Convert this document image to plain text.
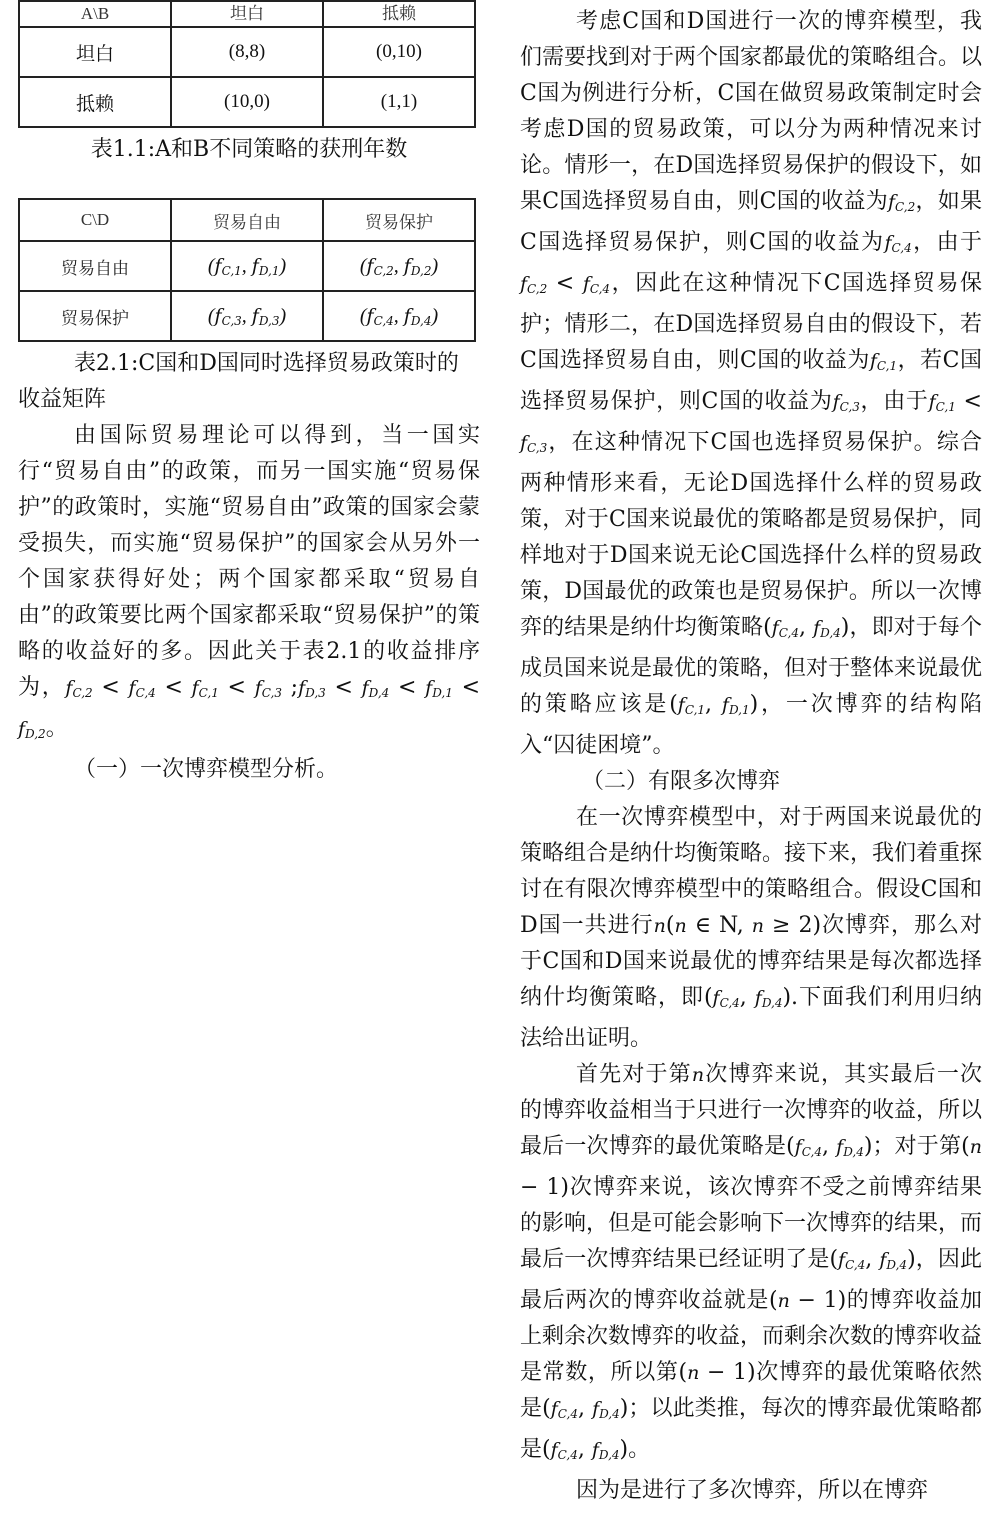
A\B	坦白	抵赖
坦白	(8,8)	(0,10)
抵赖	(10,0)	(1,1)
表1.1:A和B不同策略的获刑年数
C\D	贸易自由	贸易保护
贸易自由	($f_{C,1}$, $f_{D,1}$)	($f_{C,2}$, $f_{D,2}$)
贸易保护	($f_{C,3}$, $f_{D,3}$)	($f_{C,4}$, $f_{D,4}$)
表2.1:C国和D国同时选择贸易政策时的收益矩阵

由国际贸易理论可以得到，当一国实行“贸易自由”的政策，而另一国实施“贸易保护”的政策时，实施“贸易自由”政策的国家会蒙受损失，而实施“贸易保护”的国家会从另外一个国家获得好处；两个国家都采取“贸易自由”的政策要比两个国家都采取“贸易保护”的策略的收益好的多。因此关于表2.1的收益排序为，$f_{C,2} < f_{C,4} < f_{C,1} < f_{C,3}$ $;f_{D,3} < f_{D,4} < f_{D,1} < f_{D,2}$。

（一）一次博弈模型分析。

考虑C国和D国进行一次的博弈模型，我们需要找到对于两个国家都最优的策略组合。以C国为例进行分析，C国在做贸易政策制定时会考虑D国的贸易政策，可以分为两种情况来讨论。情形一，在D国选择贸易保护的假设下，如果C国选择贸易自由，则C国的收益为$f_{C,2}$，如果C国选择贸易保护，则C国的收益为$f_{C,4}$，由于$f_{C,2} < f_{C,4}$，因此在这种情况下C国选择贸易保护；情形二，在D国选择贸易自由的假设下，若C国选择贸易自由，则C国的收益为$f_{C,1}$，若C国选择贸易保护，则C国的收益为$f_{C,3}$，由于$f_{C,1} < f_{C,3}$，在这种情况下C国也选择贸易保护。综合两种情形来看，无论D国选择什么样的贸易政策，对于C国来说最优的策略都是贸易保护，同样地对于D国来说无论C国选择什么样的贸易政策，D国最优的政策也是贸易保护。所以一次博弈的结果是纳什均衡策略($f_{C,4}$, $f_{D,4}$)，即对于每个成员国来说是最优的策略，但对于整体来说最优的策略应该是($f_{C,1}$, $f_{D,1}$)，一次博弈的结构陷入“囚徒困境”。

（二）有限多次博弈

在一次博弈模型中，对于两国来说最优的策略组合是纳什均衡策略。接下来，我们着重探讨在有限次博弈模型中的策略组合。假设C国和D国一共进行n(n ∈ N, n ≥ 2)次博弈，那么对于C国和D国来说最优的博弈结果是每次都选择纳什均衡策略，即($f_{C,4}$, $f_{D,4}$).下面我们利用归纳法给出证明。

首先对于第n次博弈来说，其实最后一次的博弈收益相当于只进行一次博弈的收益，所以最后一次博弈的最优策略是($f_{C,4}$, $f_{D,4}$)；对于第(n − 1)次博弈来说，该次博弈不受之前博弈结果的影响，但是可能会影响下一次博弈的结果，而最后一次博弈结果已经证明了是($f_{C,4}$, $f_{D,4}$)，因此最后两次的博弈收益就是(n − 1)的博弈收益加上剩余次数博弈的收益，而剩余次数的博弈收益是常数，所以第(n − 1)次博弈的最优策略依然是($f_{C,4}$, $f_{D,4}$)；以此类推，每次的博弈最优策略都是($f_{C,4}$, $f_{D,4}$)。

因为是进行了多次博弈，所以在博弈
